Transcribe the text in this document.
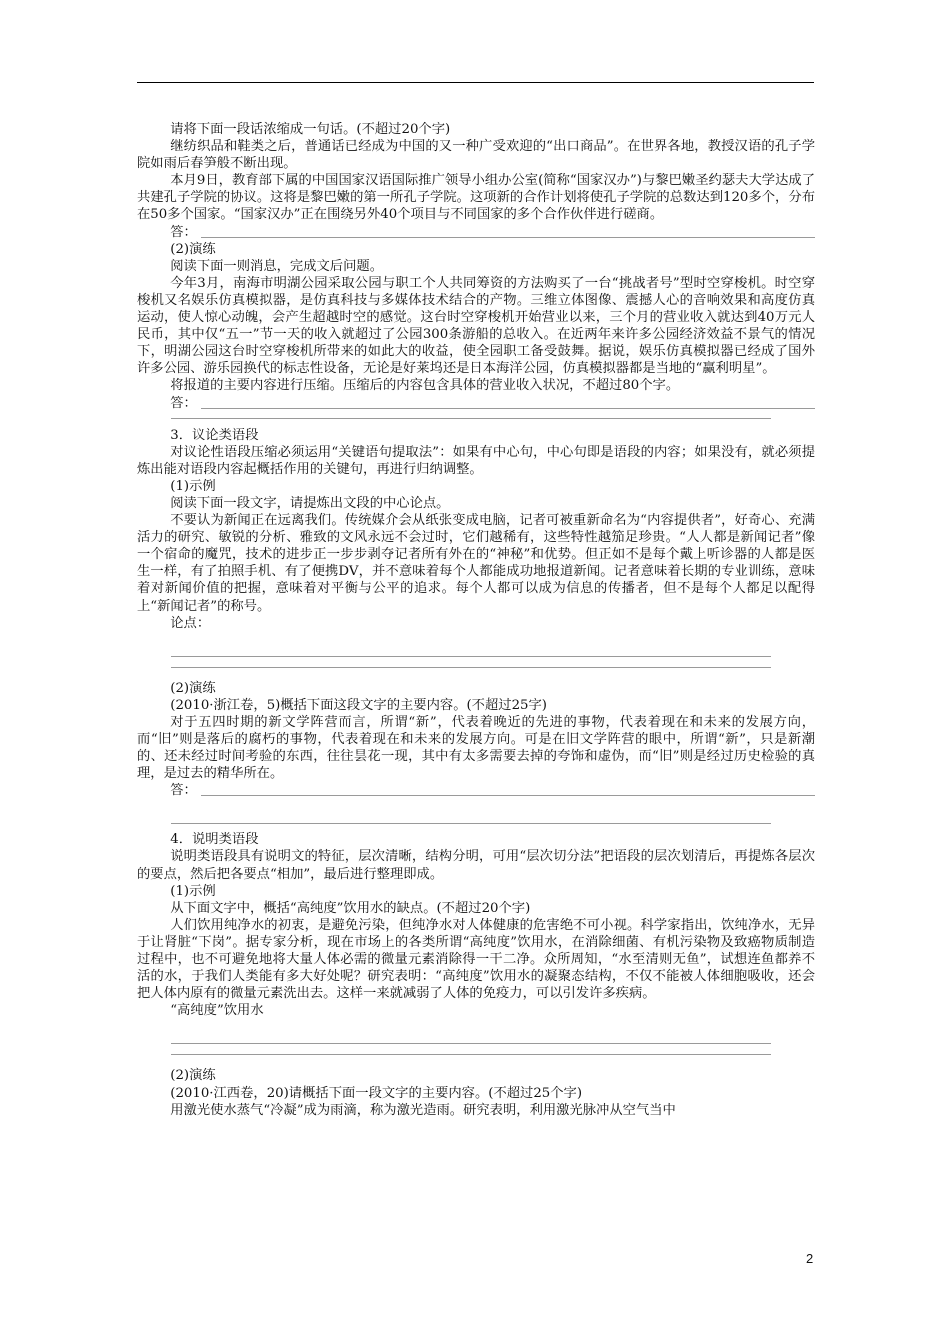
请将下面一段话浓缩成一句话。(不超过20个字)

继纺织品和鞋类之后，普通话已经成为中国的又一种广受欢迎的“出口商品”。在世界各地，教授汉语的孔子学院如雨后春笋般不断出现。

本月9日，教育部下属的中国国家汉语国际推广领导小组办公室(简称“国家汉办”)与黎巴嫩圣约瑟夫大学达成了共建孔子学院的协议。这将是黎巴嫩的第一所孔子学院。这项新的合作计划将使孔子学院的总数达到120多个，分布在50多个国家。“国家汉办”正在围绕另外40个项目与不同国家的多个合作伙伴进行磋商。

答：

(2)演练

阅读下面一则消息，完成文后问题。

今年3月，南海市明湖公园采取公园与职工个人共同筹资的方法购买了一台“挑战者号”型时空穿梭机。时空穿梭机又名娱乐仿真模拟器，是仿真科技与多媒体技术结合的产物。三维立体图像、震撼人心的音响效果和高度仿真运动，使人惊心动魄，会产生超越时空的感觉。这台时空穿梭机开始营业以来，三个月的营业收入就达到40万元人民币，其中仅“五一”节一天的收入就超过了公园300条游船的总收入。在近两年来许多公园经济效益不景气的情况下，明湖公园这台时空穿梭机所带来的如此大的收益，使全园职工备受鼓舞。据说，娱乐仿真模拟器已经成了国外许多公园、游乐园换代的标志性设备，无论是好莱坞还是日本海洋公园，仿真模拟器都是当地的“赢利明星”。

将报道的主要内容进行压缩。压缩后的内容包含具体的营业收入状况，不超过80个字。

答：

3．议论类语段

对议论性语段压缩必须运用“关键语句提取法”：如果有中心句，中心句即是语段的内容；如果没有，就必须提炼出能对语段内容起概括作用的关键句，再进行归纳调整。

(1)示例

阅读下面一段文字，请提炼出文段的中心论点。

不要认为新闻正在远离我们。传统媒介会从纸张变成电脑，记者可被重新命名为“内容提供者”，好奇心、充满活力的研究、敏锐的分析、雅致的文风永远不会过时，它们越稀有，这些特性越笳足珍贵。“人人都是新闻记者”像一个宿命的魔咒，技术的进步正一步步剥夺记者所有外在的“神秘”和优势。但正如不是每个戴上听诊器的人都是医生一样，有了拍照手机、有了便携DV，并不意味着每个人都能成功地报道新闻。记者意味着长期的专业训练，意味着对新闻价值的把握，意味着对平衡与公平的追求。每个人都可以成为信息的传播者，但不是每个人都足以配得上“新闻记者”的称号。

论点：

(2)演练

(2010·浙江卷，5)概括下面这段文字的主要内容。(不超过25字)

对于五四时期的新文学阵营而言，所谓“新”，代表着晚近的先进的事物，代表着现在和未来的发展方向，而“旧”则是落后的腐朽的事物，代表着现在和未来的发展方向。可是在旧文学阵营的眼中，所谓“新”，只是新潮的、还未经过时间考验的东西，往往昙花一现，其中有太多需要去掉的夸饰和虚伪，而“旧”则是经过历史检验的真理，是过去的精华所在。

答：

4．说明类语段

说明类语段具有说明文的特征，层次清晰，结构分明，可用“层次切分法”把语段的层次划清后，再提炼各层次的要点，然后把各要点“相加”，最后进行整理即成。

(1)示例

从下面文字中，概括“高纯度”饮用水的缺点。(不超过20个字)

人们饮用纯净水的初衷，是避免污染，但纯净水对人体健康的危害绝不可小视。科学家指出，饮纯净水，无异于让肾脏“下岗”。据专家分析，现在市场上的各类所谓“高纯度”饮用水，在消除细菌、有机污染物及致癌物质制造过程中，也不可避免地将大量人体必需的微量元素消除得一干二净。众所周知，“水至清则无鱼”，试想连鱼都养不活的水，于我们人类能有多大好处呢？研究表明：“高纯度”饮用水的凝聚态结构，不仅不能被人体细胞吸收，还会把人体内原有的微量元素洗出去。这样一来就减弱了人体的免疫力，可以引发许多疾病。

“高纯度”饮用水

(2)演练

(2010·江西卷，20)请概括下面一段文字的主要内容。(不超过25个字)

用激光使水蒸气“冷凝”成为雨滴，称为激光造雨。研究表明，利用激光脉冲从空气当中

2
